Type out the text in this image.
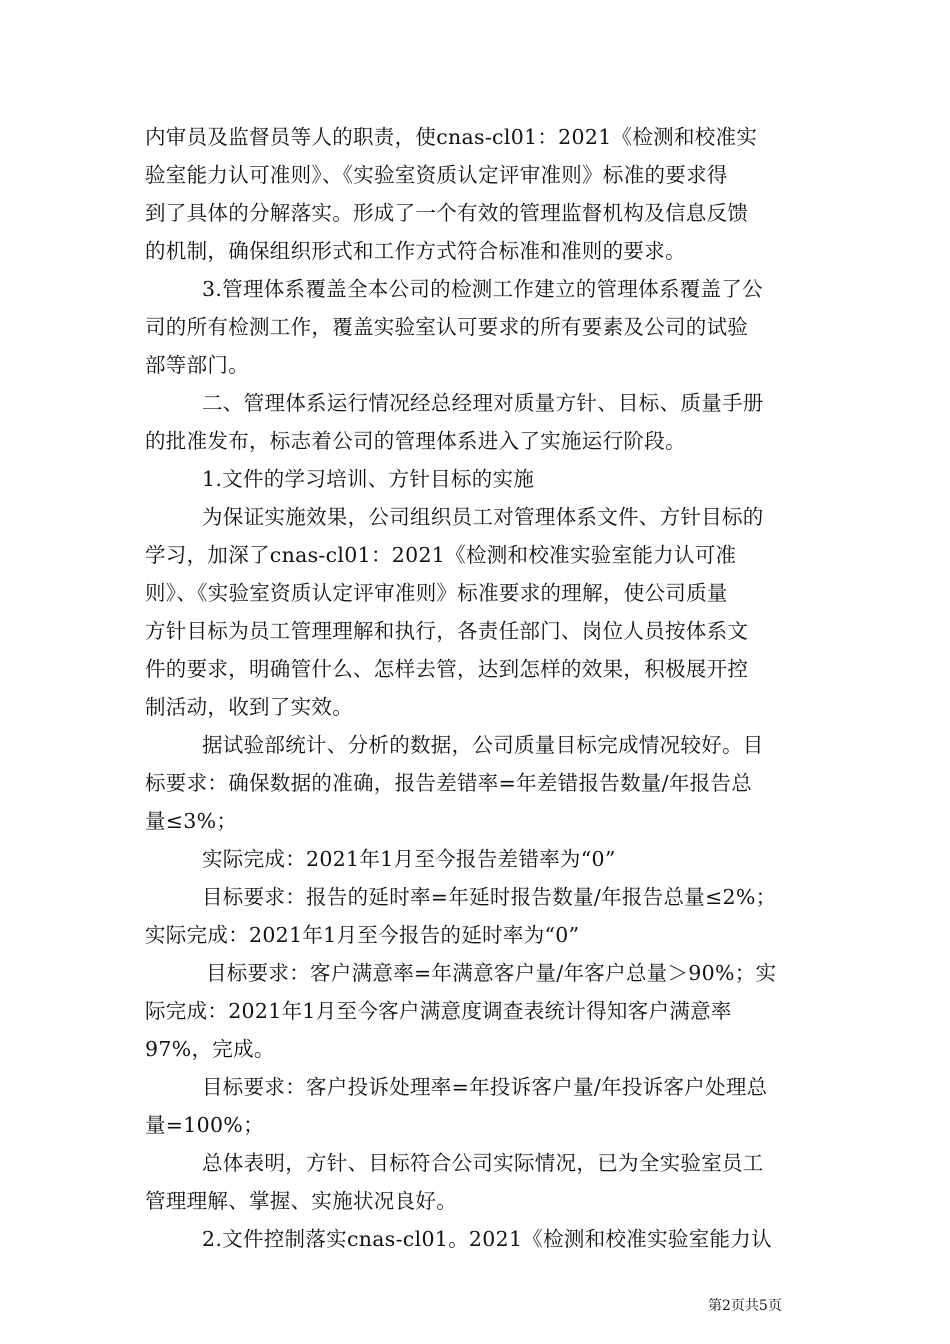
内审员及监督员等人的职责，使cnas-cl01：2021《检测和校准实
验室能力认可准则》、《实验室资质认定评审准则》标准的要求得
到了具体的分解落实。形成了一个有效的管理监督机构及信息反馈
的机制，确保组织形式和工作方式符合标准和准则的要求。
3.管理体系覆盖全本公司的检测工作建立的管理体系覆盖了公
司的所有检测工作，覆盖实验室认可要求的所有要素及公司的试验
部等部门。
二、管理体系运行情况经总经理对质量方针、目标、质量手册
的批准发布，标志着公司的管理体系进入了实施运行阶段。
1.文件的学习培训、方针目标的实施
为保证实施效果，公司组织员工对管理体系文件、方针目标的
学习，加深了cnas-cl01：2021《检测和校准实验室能力认可准
则》、《实验室资质认定评审准则》标准要求的理解，使公司质量
方针目标为员工管理理解和执行，各责任部门、岗位人员按体系文
件的要求，明确管什么、怎样去管，达到怎样的效果，积极展开控
制活动，收到了实效。
据试验部统计、分析的数据，公司质量目标完成情况较好。目
标要求：确保数据的准确，报告差错率=年差错报告数量/年报告总
量≤3%；
实际完成：2021年1月至今报告差错率为“0”
目标要求：报告的延时率=年延时报告数量/年报告总量≤2%；
实际完成：2021年1月至今报告的延时率为“0”
目标要求：客户满意率=年满意客户量/年客户总量＞90%；实
际完成：2021年1月至今客户满意度调查表统计得知客户满意率
97%，完成。
目标要求：客户投诉处理率=年投诉客户量/年投诉客户处理总
量=100%；
总体表明，方针、目标符合公司实际情况，已为全实验室员工
管理理解、掌握、实施状况良好。
2.文件控制落实cnas-cl01。2021《检测和校准实验室能力认
第2页共5页
